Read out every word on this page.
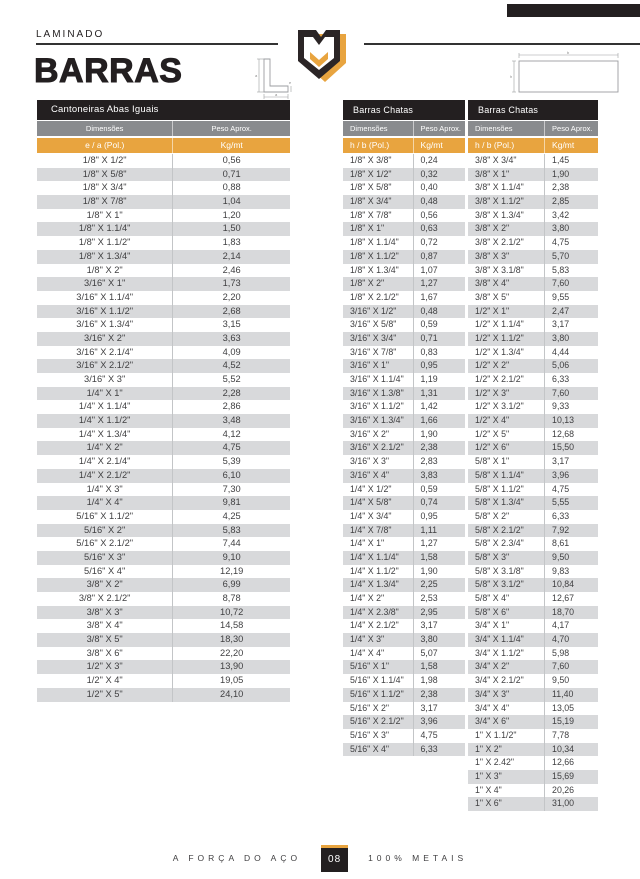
LAMINADO
BARRAS	a
a
e
b
h
Cantoneiras Abas Iguais
Dimensões	Peso Aprox.
e / a (Pol.)	Kg/mt
1/8" X 1/2"	0,56
1/8" X 5/8"	0,71
1/8" X 3/4"	0,88
1/8" X 7/8"	1,04
1/8" X 1"	1,20
1/8" X 1.1/4"	1,50
1/8" X 1.1/2"	1,83
1/8" X 1.3/4"	2,14
1/8" X 2"	2,46
3/16" X 1"	1,73
3/16" X 1.1/4"	2,20
3/16" X 1.1/2"	2,68
3/16" X 1.3/4"	3,15
3/16" X 2"	3,63
3/16" X 2.1/4"	4,09
3/16" X 2.1/2"	4,52
3/16" X 3"	5,52
1/4" X 1"	2,28
1/4" X 1.1/4"	2,86
1/4" X 1.1/2"	3,48
1/4" X 1.3/4"	4,12
1/4" X 2"	4,75
1/4" X 2.1/4"	5,39
1/4" X 2.1/2"	6,10
1/4" X 3"	7,30
1/4" X 4"	9,81
5/16" X 1.1/2"	4,25
5/16" X 2"	5,83
5/16" X 2.1/2"	7,44
5/16" X 3"	9,10
5/16" X 4"	12,19
3/8" X 2"	6,99
3/8" X 2.1/2"	8,78
3/8" X 3"	10,72
3/8" X 4"	14,58
3/8" X 5"	18,30
3/8" X 6"	22,20
1/2" X 3"	13,90
1/2" X 4"	19,05
1/2" X 5"	24,10
Barras Chatas
Dimensões	Peso Aprox.
h / b (Pol.)	Kg/mt
1/8" X 3/8"	0,24
1/8" X 1/2"	0,32
1/8" X 5/8"	0,40
1/8" X 3/4"	0,48
1/8" X 7/8"	0,56
1/8" X 1"	0,63
1/8" X 1.1/4"	0,72
1/8" X 1.1/2"	0,87
1/8" X 1.3/4"	1,07
1/8" X 2"	1,27
1/8" X 2.1/2"	1,67
3/16" X 1/2"	0,48
3/16" X 5/8"	0,59
3/16" X 3/4"	0,71
3/16" X 7/8"	0,83
3/16" X 1"	0,95
3/16" X 1.1/4"	1,19
3/16" X 1.3/8"	1,31
3/16" X 1.1/2"	1,42
3/16" X 1.3/4"	1,66
3/16" X 2"	1,90
3/16" X 2.1/2"	2,38
3/16" X 3"	2,83
3/16" X 4"	3,83
1/4" X 1/2"	0,59
1/4" X 5/8"	0,74
1/4" X 3/4"	0,95
1/4" X 7/8"	1,11
1/4" X 1"	1,27
1/4" X 1.1/4"	1,58
1/4" X 1.1/2"	1,90
1/4" X 1.3/4"	2,25
1/4" X 2"	2,53
1/4" X 2.3/8"	2,95
1/4" X 2.1/2"	3,17
1/4" X 3"	3,80
1/4" X 4"	5,07
5/16" X 1"	1,58
5/16" X 1.1/4"	1,98
5/16" X 1.1/2"	2,38
5/16" X 2"	3,17
5/16" X 2.1/2"	3,96
5/16" X 3"	4,75
5/16" X 4"	6,33
Barras Chatas
Dimensões	Peso Aprox.
h / b (Pol.)	Kg/mt
3/8" X 3/4"	1,45
3/8" X 1"	1,90
3/8" X 1.1/4"	2,38
3/8" X 1.1/2"	2,85
3/8" X 1.3/4"	3,42
3/8" X 2"	3,80
3/8" X 2.1/2"	4,75
3/8" X 3"	5,70
3/8" X 3.1/8"	5,83
3/8" X 4"	7,60
3/8" X 5"	9,55
1/2" X 1"	2,47
1/2" X 1.1/4"	3,17
1/2" X 1.1/2"	3,80
1/2" X 1.3/4"	4,44
1/2" X 2"	5,06
1/2" X 2.1/2"	6,33
1/2" X 3"	7,60
1/2" X 3.1/2"	9,33
1/2" X 4"	10,13
1/2" X 5"	12,68
1/2" X 6"	15,50
5/8" X 1"	3,17
5/8" X 1.1/4"	3,96
5/8" X 1.1/2"	4,75
5/8" X 1.3/4"	5,55
5/8" X 2"	6,33
5/8" X 2.1/2"	7,92
5/8" X 2.3/4"	8,61
5/8" X 3"	9,50
5/8" X 3.1/8"	9,83
5/8" X 3.1/2"	10,84
5/8" X 4"	12,67
5/8" X 6"	18,70
3/4" X 1"	4,17
3/4" X 1.1/4"	4,70
3/4" X 1.1/2"	5,98
3/4" X 2"	7,60
3/4" X 2.1/2"	9,50
3/4" X 3"	11,40
3/4" X 4"	13,05
3/4" X 6"	15,19
1" X 1.1/2"	7,78
1" X 2"	10,34
1" X 2.42"	12,66
1" X 3"	15,69
1" X 4"	20,26
1" X 6"	31,00
A FORÇA DO AÇO	08	100% METAIS
